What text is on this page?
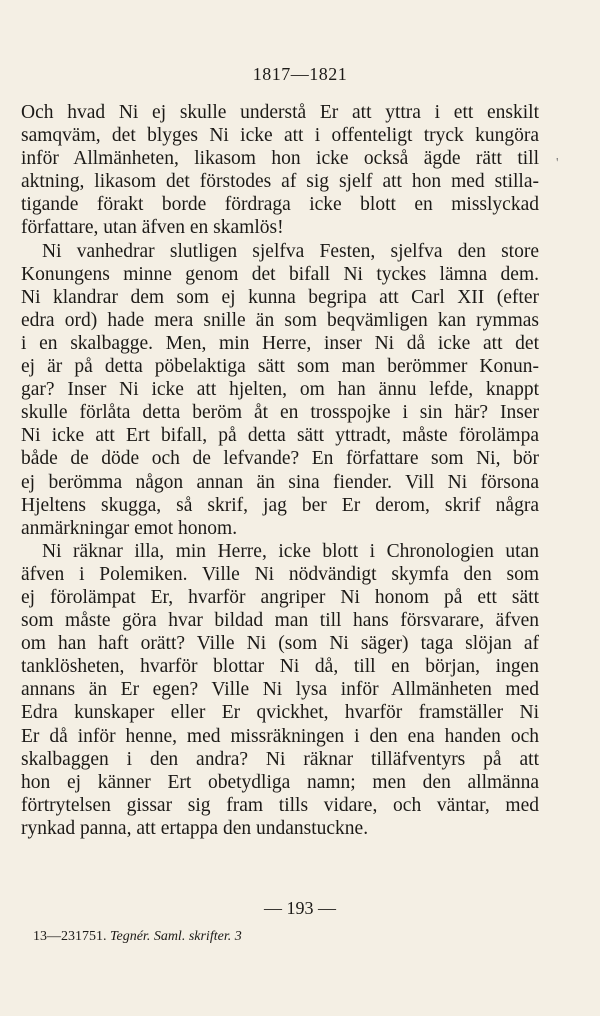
1817—1821
'
Och hvad Ni ej skulle understå Er att yttra i ett enskilt
samqväm, det blyges Ni icke att i offenteligt tryck kungöra
inför Allmänheten, likasom hon icke också ägde rätt till
aktning, likasom det förstodes af sig sjelf att hon med stilla-
tigande förakt borde fördraga icke blott en misslyckad
författare, utan äfven en skamlös!
Ni vanhedrar slutligen sjelfva Festen, sjelfva den store
Konungens minne genom det bifall Ni tyckes lämna dem.
Ni klandrar dem som ej kunna begripa att Carl XII (efter
edra ord) hade mera snille än som beqvämligen kan rymmas
i en skalbagge. Men, min Herre, inser Ni då icke att det
ej är på detta pöbelaktiga sätt som man berömmer Konun-
gar? Inser Ni icke att hjelten, om han ännu lefde, knappt
skulle förlåta detta beröm åt en trosspojke i sin här? Inser
Ni icke att Ert bifall, på detta sätt yttradt, måste förolämpa
både de döde och de lefvande? En författare som Ni, bör
ej berömma någon annan än sina fiender. Vill Ni försona
Hjeltens skugga, så skrif, jag ber Er derom, skrif några
anmärkningar emot honom.
Ni räknar illa, min Herre, icke blott i Chronologien utan
äfven i Polemiken. Ville Ni nödvändigt skymfa den som
ej förolämpat Er, hvarför angriper Ni honom på ett sätt
som måste göra hvar bildad man till hans försvarare, äfven
om han haft orätt? Ville Ni (som Ni säger) taga slöjan af
tanklösheten, hvarför blottar Ni då, till en början, ingen
annans än Er egen? Ville Ni lysa inför Allmänheten med
Edra kunskaper eller Er qvickhet, hvarför framställer Ni
Er då inför henne, med missräkningen i den ena handen och
skalbaggen i den andra? Ni räknar tilläfventyrs på att
hon ej känner Ert obetydliga namn; men den allmänna
förtrytelsen gissar sig fram tills vidare, och väntar, med
rynkad panna, att ertappa den undanstuckne.
— 193 —
13—231751. Tegnér. Saml. skrifter. 3
